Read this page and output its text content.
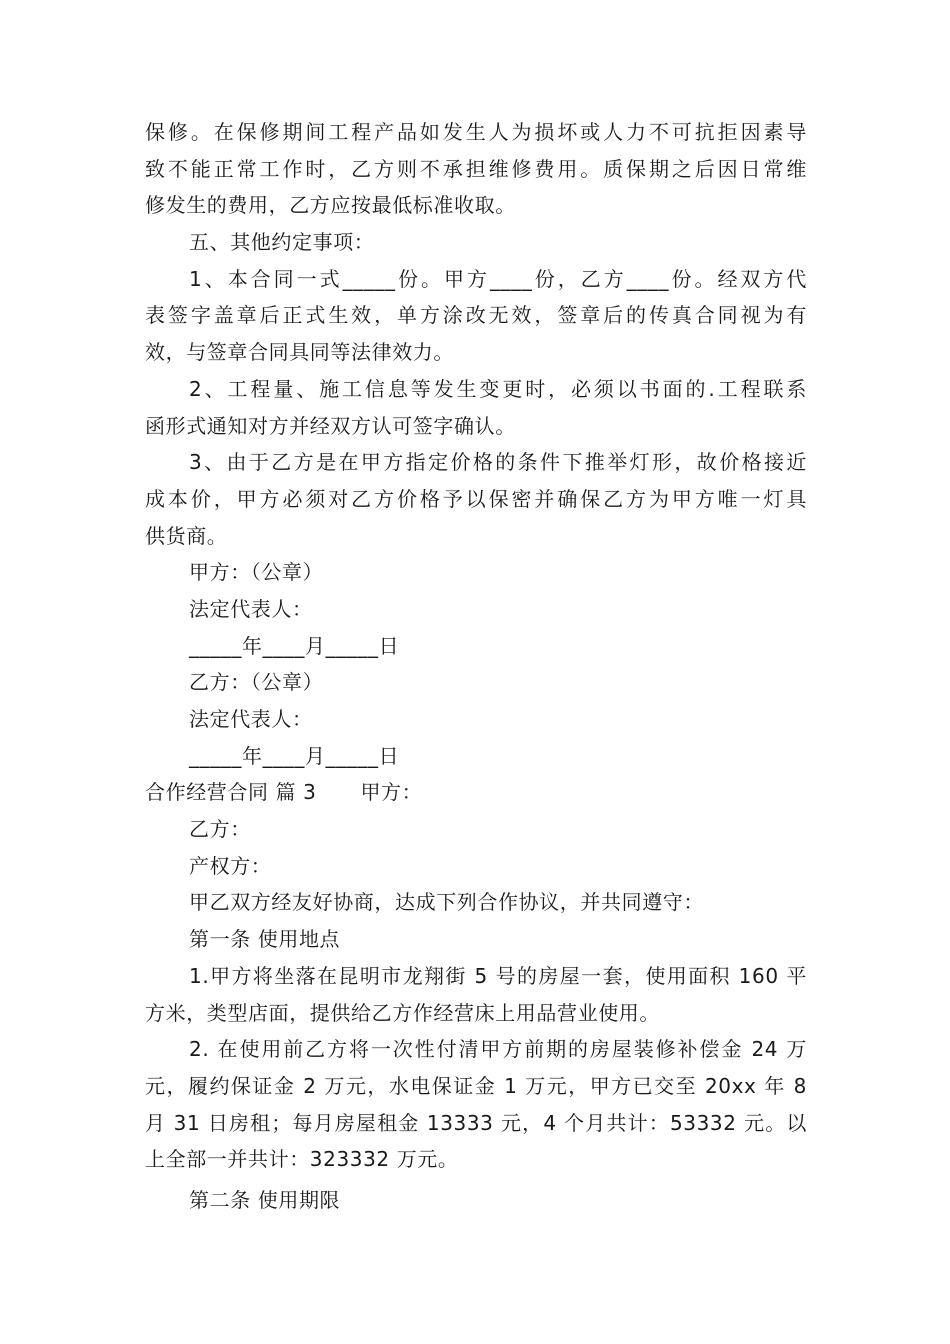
保修。在保修期间工程产品如发生人为损坏或人力不可抗拒因素导
致不能正常工作时，乙方则不承担维修费用。质保期之后因日常维
修发生的费用，乙方应按最低标准收取。
五、其他约定事项：
1、本合同一式_____份。甲方____份，乙方____份。经双方代
表签字盖章后正式生效，单方涂改无效，签章后的传真合同视为有
效，与签章合同具同等法律效力。
2、工程量、施工信息等发生变更时，必须以书面的.工程联系
函形式通知对方并经双方认可签字确认。
3、由于乙方是在甲方指定价格的条件下推举灯形，故价格接近
成本价，甲方必须对乙方价格予以保密并确保乙方为甲方唯一灯具
供货商。
甲方：（公章）
法定代表人：
_____年____月_____日
乙方：（公章）
法定代表人：
_____年____月_____日
合作经营合同 篇 3 甲方：
乙方：
产权方：
甲乙双方经友好协商，达成下列合作协议，并共同遵守：
第一条 使用地点
1.甲方将坐落在昆明市龙翔街 5 号的房屋一套，使用面积 160 平
方米，类型店面，提供给乙方作经营床上用品营业使用。
2. 在使用前乙方将一次性付清甲方前期的房屋装修补偿金 24 万
元，履约保证金 2 万元，水电保证金 1 万元，甲方已交至 20xx 年 8
月 31 日房租；每月房屋租金 13333 元，4 个月共计：53332 元。以
上全部一并共计：323332 万元。
第二条 使用期限
